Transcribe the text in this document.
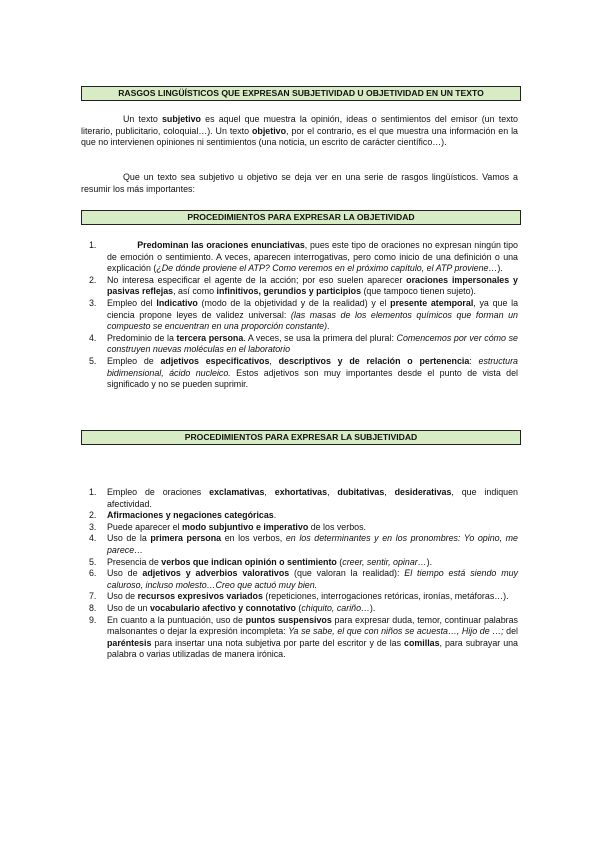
RASGOS LINGÜÍSTICOS QUE EXPRESAN SUBJETIVIDAD U OBJETIVIDAD EN UN TEXTO
Un texto subjetivo es aquel que muestra la opinión, ideas o sentimientos del emisor (un texto literario, publicitario, coloquial…). Un texto objetivo, por el contrario, es el que muestra una información en la que no intervienen opiniones ni sentimientos (una noticia, un escrito de carácter científico…).
Que un texto sea subjetivo u objetivo se deja ver en una serie de rasgos lingüísticos. Vamos a resumir los más importantes:
PROCEDIMIENTOS PARA EXPRESAR LA OBJETIVIDAD
1.	Predominan las oraciones enunciativas, pues este tipo de oraciones no expresan ningún tipo de emoción o sentimiento. A veces, aparecen interrogativas, pero como inicio de una definición o una explicación (¿De dónde proviene el ATP? Como veremos en el próximo capítulo, el ATP proviene…).
2. No interesa especificar el agente de la acción; por eso suelen aparecer oraciones impersonales y pasivas reflejas, así como infinitivos, gerundios y participios (que tampoco tienen sujeto).
3. Empleo del Indicativo (modo de la objetividad y de la realidad) y el presente atemporal, ya que la ciencia propone leyes de validez universal: (las masas de los elementos químicos que forman un compuesto se encuentran en una proporción constante).
4. Predominio de la tercera persona. A veces, se usa la primera del plural: Comencemos por ver cómo se construyen nuevas moléculas en el laboratorio
5. Empleo de adjetivos especificativos, descriptivos y de relación o pertenencia: estructura bidimensional, ácido nucleico. Estos adjetivos son muy importantes desde el punto de vista del significado y no se pueden suprimir.
PROCEDIMIENTOS PARA EXPRESAR LA SUBJETIVIDAD
1. Empleo de oraciones exclamativas, exhortativas, dubitativas, desiderativas, que indiquen afectividad.
2. Afirmaciones y negaciones categóricas.
3. Puede aparecer el modo subjuntivo e imperativo de los verbos.
4. Uso de la primera persona en los verbos, en los determinantes y en los pronombres: Yo opino, me parece…
5. Presencia de verbos que indican opinión o sentimiento (creer, sentir, opinar…).
6. Uso de adjetivos y adverbios valorativos (que valoran la realidad): El tiempo está siendo muy caluroso, incluso molesto…Creo que actuó muy bien.
7. Uso de recursos expresivos variados (repeticiones, interrogaciones retóricas, ironías, metáforas…).
8. Uso de un vocabulario afectivo y connotativo (chiquito, cariño…).
9. En cuanto a la puntuación, uso de puntos suspensivos para expresar duda, temor, continuar palabras malsonantes o dejar la expresión incompleta: Ya se sabe, el que con niños se acuesta…, Hijo de …; del paréntesis para insertar una nota subjetiva por parte del escritor y de las comillas, para subrayar una palabra o varias utilizadas de manera irónica.
